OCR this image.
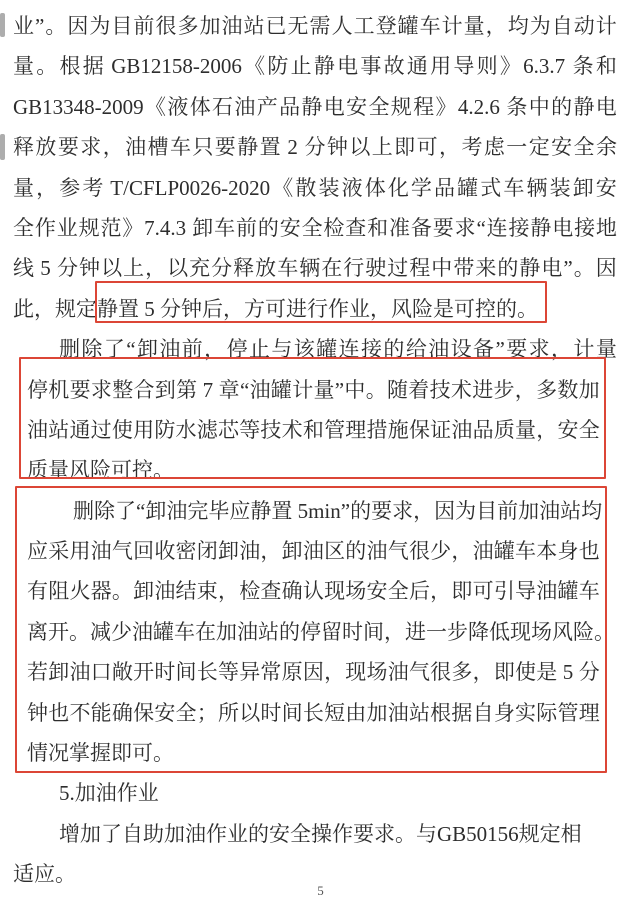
业 ” 。 因 为 目 前 很 多 加 油 站 已 无 需 人 工 登 罐 车 计 量 ， 均 为 自 动 计
量 。 根 据 GB12158-2006 《 防 止 静 电 事 故 通 用 导 则 》 6.3.7 条 和
GB13348-2009 《 液 体 石 油 产 品 静 电 安 全 规 程 》 4.2.6 条 中 的 静 电
释 放 要 求 ， 油 槽 车 只 要 静 置 2 分 钟 以 上 即 可 ， 考 虑 一 定 安 全 余
量 ， 参 考 T/CFLP0026-2020 《 散 装 液 体 化 学 品 罐 式 车 辆 装 卸 安
全 作 业 规 范 》 7.4.3 卸 车 前 的 安 全 检 查 和 准 备 要 求 “ 连 接 静 电 接 地
线 5 分 钟 以 上 ， 以 充 分 释 放 车 辆 在 行 驶 过 程 中 带 来 的 静 电 ” 。 因
此，规定静置 5 分钟后，方可进行作业，风险是可控的。
删 除 了 “ 卸 油 前 ， 停 止 与 该 罐 连 接 的 给 油 设 备 ” 要 求 ， 计 量
停 机 要 求 整 合 到 第 7 章 “ 油 罐 计 量 ” 中 。 随 着 技 术 进 步 ， 多 数 加
油 站 通 过 使 用 防 水 滤 芯 等 技 术 和 管 理 措 施 保 证 油 品 质 量 ， 安 全
质量风险可控。
删 除 了 “ 卸 油 完 毕 应 静 置 5min ” 的 要 求 ， 因 为 目 前 加 油 站 均
应 采 用 油 气 回 收 密 闭 卸 油 ， 卸 油 区 的 油 气 很 少 ， 油 罐 车 本 身 也
有 阻 火 器 。 卸 油 结 束 ， 检 查 确 认 现 场 安 全 后 ， 即 可 引 导 油 罐 车
离 开 。 减 少 油 罐 车 在 加 油 站 的 停 留 时 间 ， 进 一 步 降 低 现 场 风 险 。
若 卸 油 口 敞 开 时 间 长 等 异 常 原 因 ， 现 场 油 气 很 多 ， 即 使 是 5 分
钟 也 不 能 确 保 安 全 ； 所 以 时 间 长 短 由 加 油 站 根 据 自 身 实 际 管 理
情况掌握即可。
5.加油作业
增加了自助加油作业的安全操作要求。与GB50156规定相
适应。
5
